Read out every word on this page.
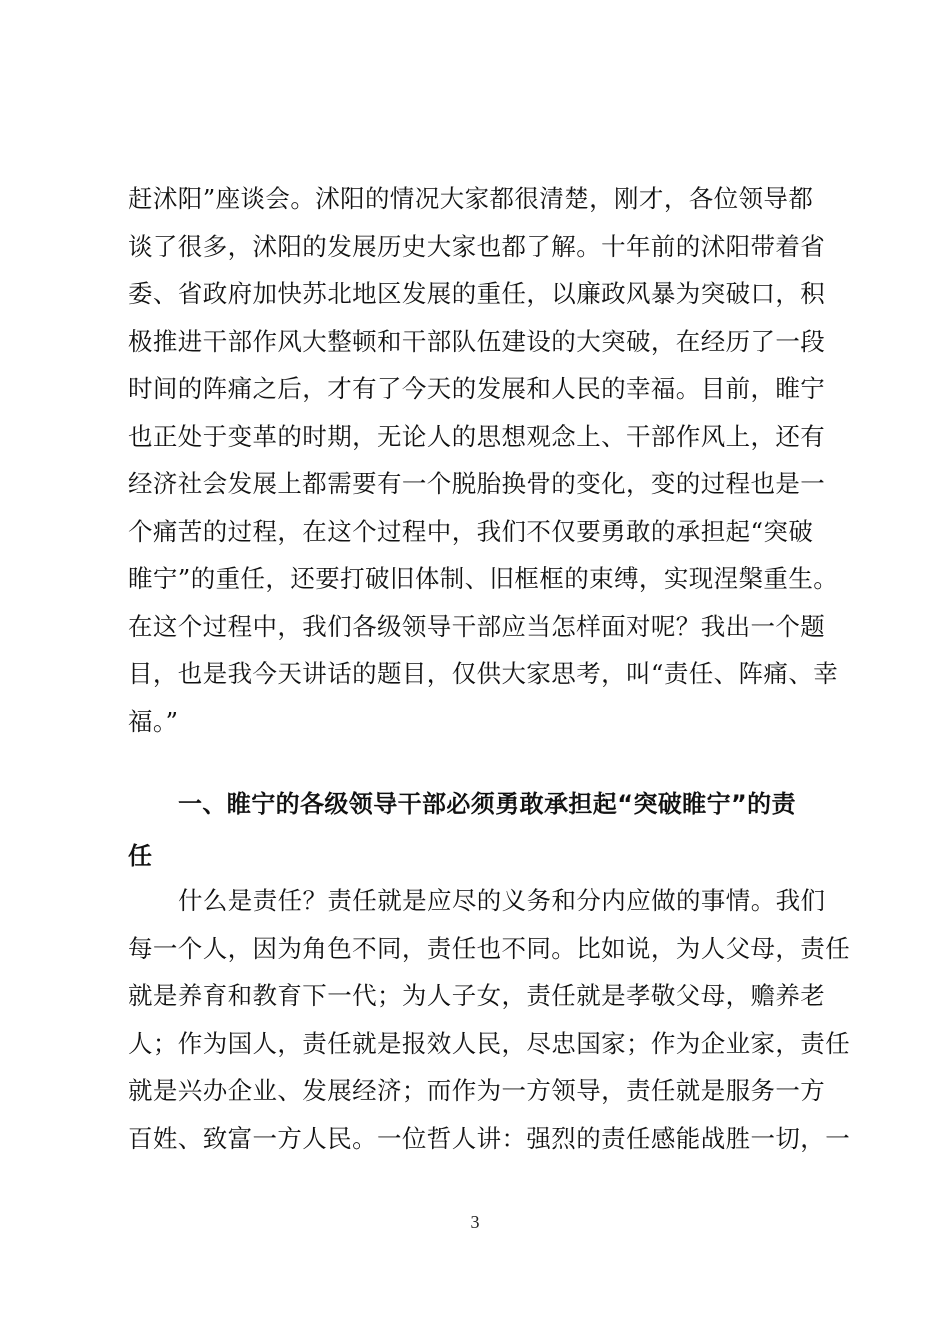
赶沭阳”座谈会。沭阳的情况大家都很清楚，刚才，各位领导都
谈了很多，沭阳的发展历史大家也都了解。十年前的沭阳带着省
委、省政府加快苏北地区发展的重任，以廉政风暴为突破口，积
极推进干部作风大整顿和干部队伍建设的大突破，在经历了一段
时间的阵痛之后，才有了今天的发展和人民的幸福。目前，睢宁
也正处于变革的时期，无论人的思想观念上、干部作风上，还有
经济社会发展上都需要有一个脱胎换骨的变化，变的过程也是一
个痛苦的过程，在这个过程中，我们不仅要勇敢的承担起“突破
睢宁”的重任，还要打破旧体制、旧框框的束缚，实现涅槃重生。
在这个过程中，我们各级领导干部应当怎样面对呢？我出一个题
目，也是我今天讲话的题目，仅供大家思考，叫“责任、阵痛、幸
福。”
一、睢宁的各级领导干部必须勇敢承担起“突破睢宁”的责
任
什么是责任？责任就是应尽的义务和分内应做的事情。我们
每一个人，因为角色不同，责任也不同。比如说，为人父母，责任
就是养育和教育下一代；为人子女，责任就是孝敬父母，赡养老
人；作为国人，责任就是报效人民，尽忠国家；作为企业家，责任
就是兴办企业、发展经济；而作为一方领导，责任就是服务一方
百姓、致富一方人民。一位哲人讲：强烈的责任感能战胜一切，一
3
